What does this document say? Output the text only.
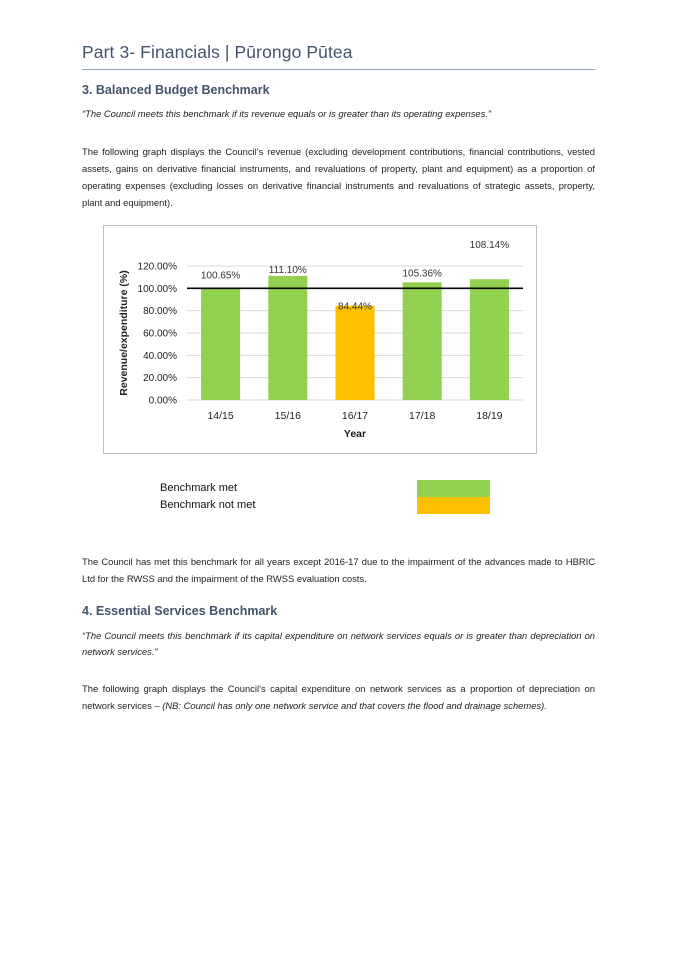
Part 3- Financials | Pūrongo Pūtea
3. Balanced Budget Benchmark

“The Council meets this benchmark if its revenue equals or is greater than its operating expenses.”

The following graph displays the Council’s revenue (excluding development contributions, financial contributions, vested assets, gains on derivative financial instruments, and revaluations of property, plant and equipment) as a proportion of operating expenses (excluding losses on derivative financial instruments and revaluations of strategic assets, property, plant and equipment).

0.00%
20.00%
40.00%
60.00%
80.00%
100.00%
120.00%
14/15	15/16	16/17	17/18	18/19
100.65%
111.10%
84.44%
105.36%
108.14%
Year
Revenue/expenditure (%)
Benchmark met
Benchmark not met

The Council has met this benchmark for all years except 2016-17 due to the impairment of the advances made to HBRIC Ltd for the RWSS and the impairment of the RWSS evaluation costs.

4. Essential Services Benchmark

“The Council meets this benchmark if its capital expenditure on network services equals or is greater than depreciation on network services.”

The following graph displays the Council’s capital expenditure on network services as a proportion of depreciation on network services – (NB: Council has only one network service and that covers the flood and drainage schemes).
